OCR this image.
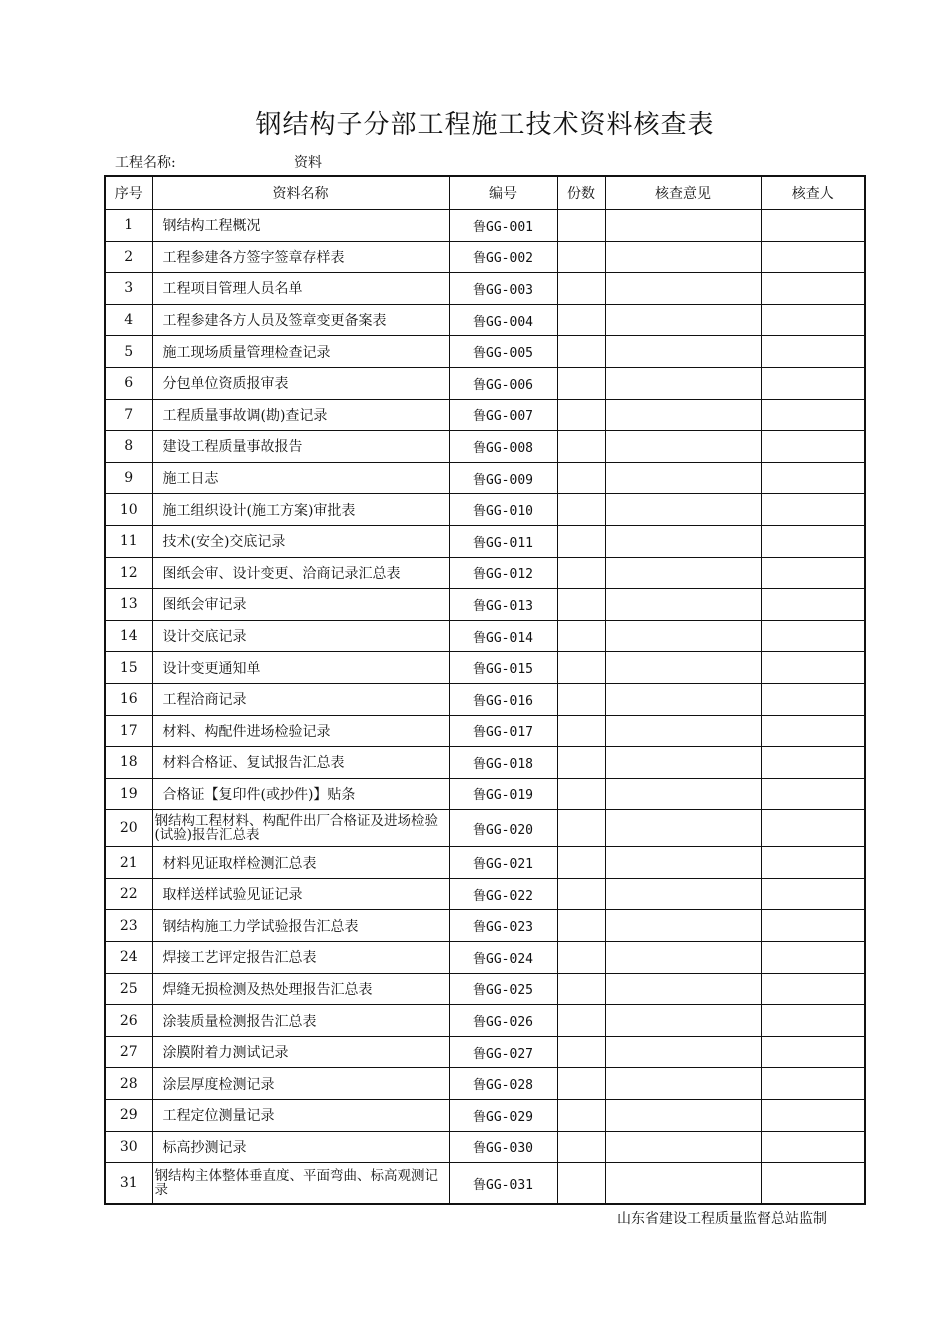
钢结构子分部工程施工技术资料核查表
工程名称:	资料
序号	资料名称	编号	份数	核查意见	核查人
1	钢结构工程概况	鲁GG-001			
2	工程参建各方签字签章存样表	鲁GG-002			
3	工程项目管理人员名单	鲁GG-003			
4	工程参建各方人员及签章变更备案表	鲁GG-004			
5	施工现场质量管理检查记录	鲁GG-005			
6	分包单位资质报审表	鲁GG-006			
7	工程质量事故调(勘)查记录	鲁GG-007			
8	建设工程质量事故报告	鲁GG-008			
9	施工日志	鲁GG-009			
10	施工组织设计(施工方案)审批表	鲁GG-010			
11	技术(安全)交底记录	鲁GG-011			
12	图纸会审、设计变更、洽商记录汇总表	鲁GG-012			
13	图纸会审记录	鲁GG-013			
14	设计交底记录	鲁GG-014			
15	设计变更通知单	鲁GG-015			
16	工程洽商记录	鲁GG-016			
17	材料、构配件进场检验记录	鲁GG-017			
18	材料合格证、复试报告汇总表	鲁GG-018			
19	合格证【复印件(或抄件)】贴条	鲁GG-019			
20	钢结构工程材料、构配件出厂合格证及进场检验(试验)报告汇总表	鲁GG-020			
21	材料见证取样检测汇总表	鲁GG-021			
22	取样送样试验见证记录	鲁GG-022			
23	钢结构施工力学试验报告汇总表	鲁GG-023			
24	焊接工艺评定报告汇总表	鲁GG-024			
25	焊缝无损检测及热处理报告汇总表	鲁GG-025			
26	涂装质量检测报告汇总表	鲁GG-026			
27	涂膜附着力测试记录	鲁GG-027			
28	涂层厚度检测记录	鲁GG-028			
29	工程定位测量记录	鲁GG-029			
30	标高抄测记录	鲁GG-030			
31	钢结构主体整体垂直度、平面弯曲、标高观测记录	鲁GG-031			
山东省建设工程质量监督总站监制
